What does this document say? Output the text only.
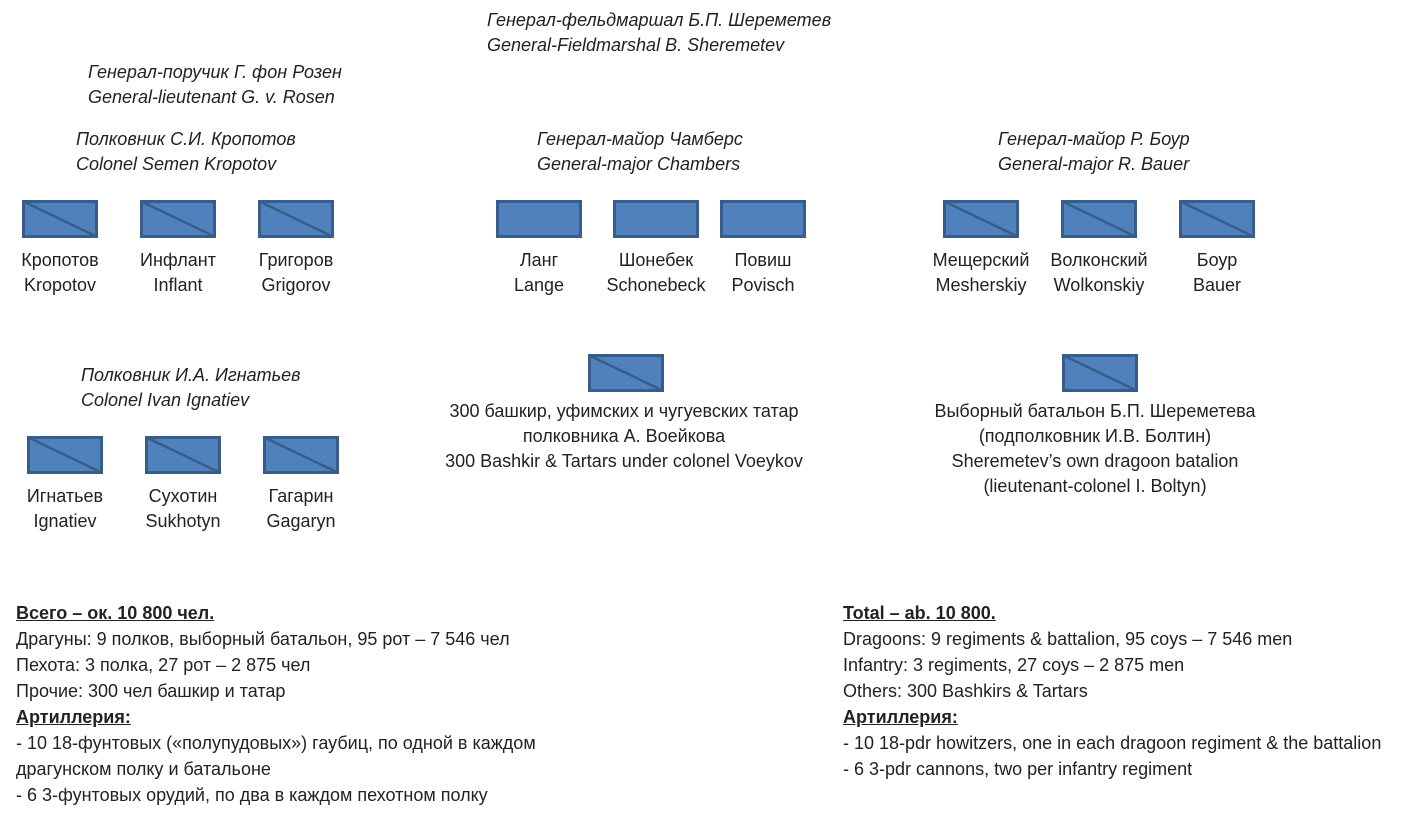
Генерал-фельдмаршал Б.П. Шереметев
General-Fieldmarshal B. Sheremetev
Генерал-поручик Г. фон Розен
General-lieutenant G. v. Rosen
Полковник С.И. Кропотов
Colonel Semen Kropotov
Генерал-майор Чамберс
General-major Chambers
Генерал-майор Р. Боур
General-major R. Bauer
Полковник И.А. Игнатьев
Colonel Ivan Ignatiev
Кропотов
Kropotov
Инфлант
Inflant
Григоров
Grigorov
Ланг
Lange
Шонебек
Schonebeck
Повиш
Povisch
Мещерский
Mesherskiy
Волконский
Wolkonskiy
Боур
Bauer
Игнатьев
Ignatiev
Сухотин
Sukhotyn
Гагарин
Gagaryn
300 башкир, уфимских и чугуевских татар
полковника А. Воейкова
300 Bashkir & Tartars under colonel Voeykov
Выборный батальон Б.П. Шереметева
(подполковник И.В. Болтин)
Sheremetev’s own dragoon batalion
(lieutenant-colonel I. Boltyn)
Всего – ок. 10 800 чел.
Драгуны: 9 полков, выборный батальон, 95 рот – 7 546 чел
Пехота: 3 полка, 27 рот – 2 875 чел
Прочие: 300 чел башкир и татар
Артиллерия:
- 10 18-фунтовых («полупудовых») гаубиц, по одной в каждом драгунском полку и батальоне
- 6 3-фунтовых орудий, по два в каждом пехотном полку
Total – ab. 10 800.
Dragoons: 9 regiments & battalion, 95 coys – 7 546 men
Infantry: 3 regiments, 27 coys – 2 875 men
Others: 300 Bashkirs & Tartars
Артиллерия:
- 10 18-pdr howitzers, one in each dragoon regiment & the battalion
- 6 3-pdr cannons, two per infantry regiment
